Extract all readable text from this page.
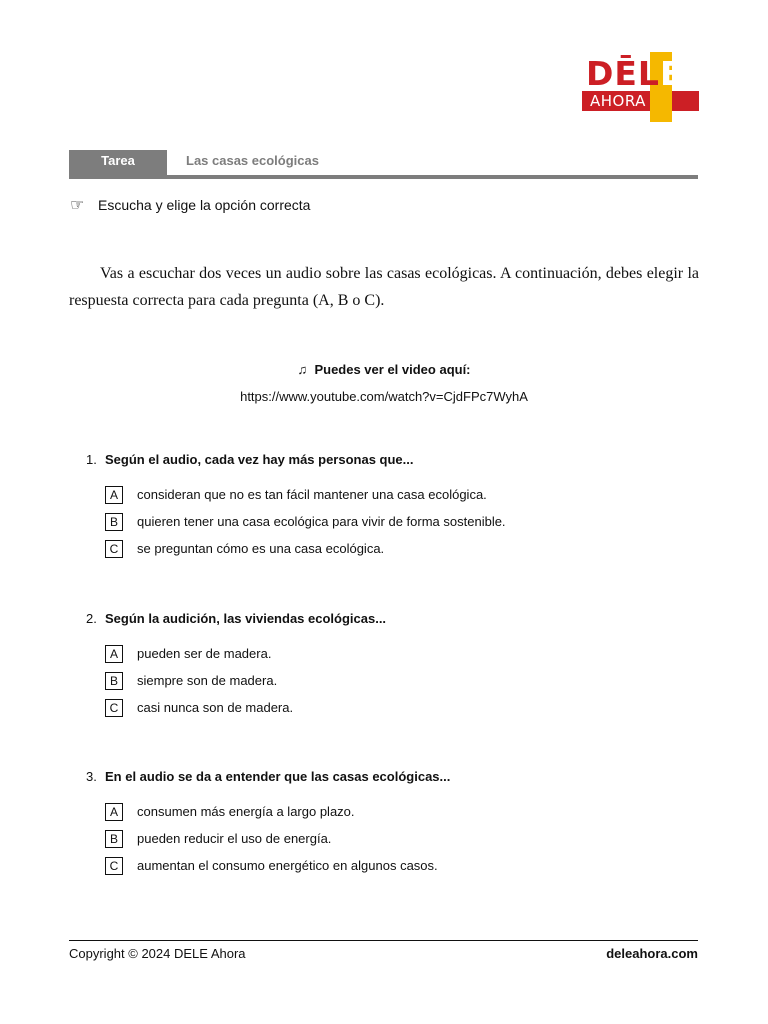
DĒLE
AHORA
Tarea	Las casas ecológicas
☞ Escucha y elige la opción correcta
Vas a escuchar dos veces un audio sobre las casas ecológicas. A continuación, debes elegir la respuesta correcta para cada pregunta (A, B o C).
♫ Puedes ver el video aquí:
https://www.youtube.com/watch?v=CjdFPc7WyhA
1. Según el audio, cada vez hay más personas que...
A	consideran que no es tan fácil mantener una casa ecológica.
B	quieren tener una casa ecológica para vivir de forma sostenible.
C	se preguntan cómo es una casa ecológica.
2. Según la audición, las viviendas ecológicas...
A	pueden ser de madera.
B	siempre son de madera.
C	casi nunca son de madera.
3. En el audio se da a entender que las casas ecológicas...
A	consumen más energía a largo plazo.
B	pueden reducir el uso de energía.
C	aumentan el consumo energético en algunos casos.
Copyright © 2024 DELE Ahora	deleahora.com
